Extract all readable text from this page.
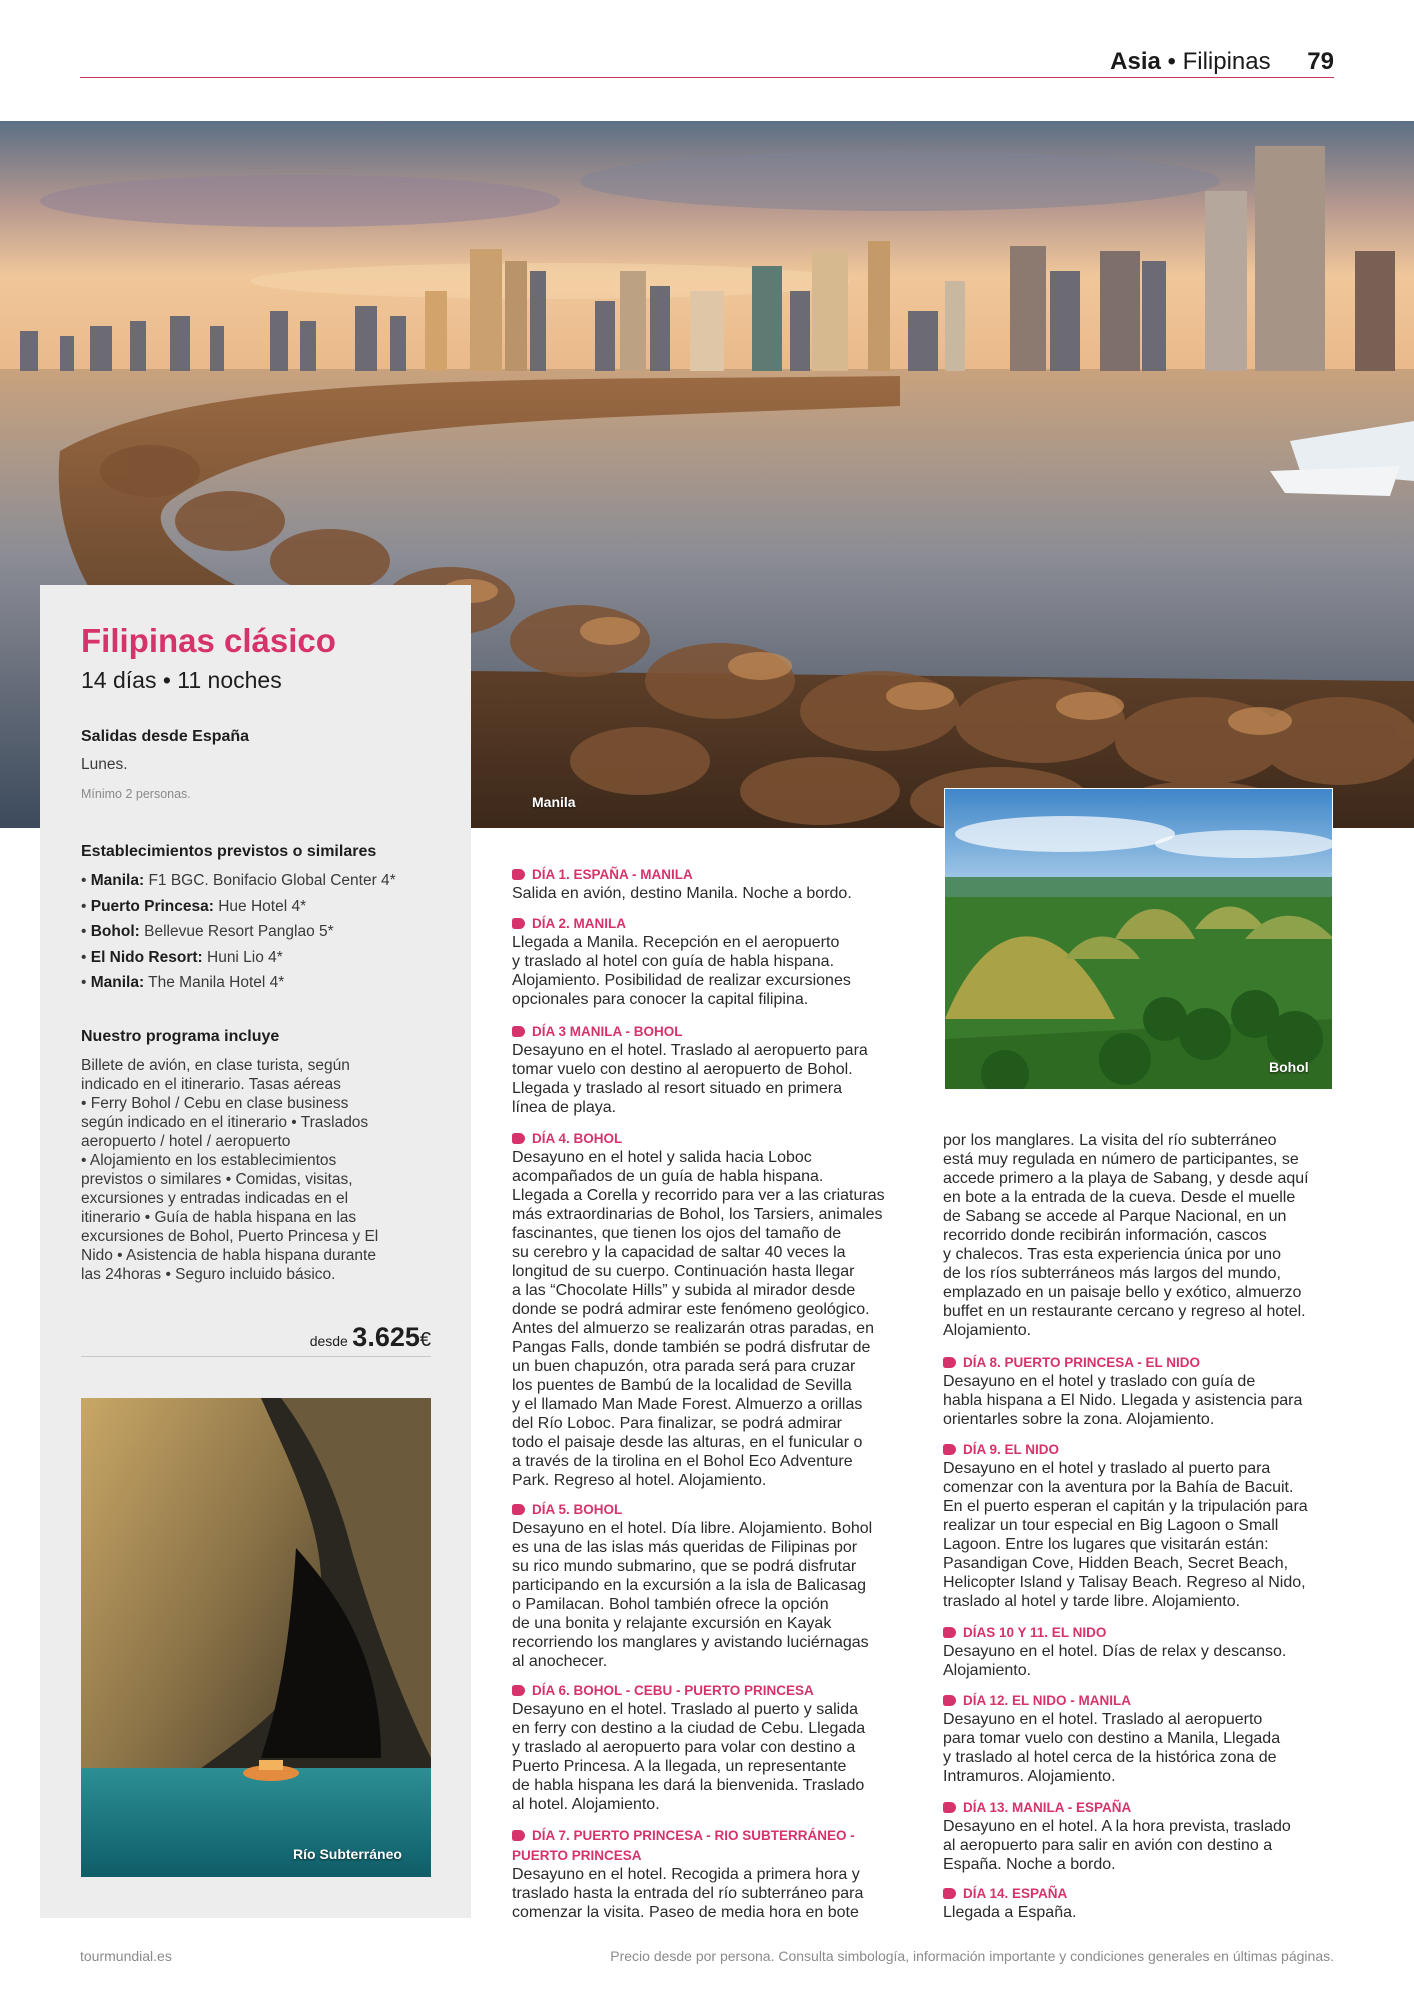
Asia • Filipinas 79
Manila
Filipinas clásico
14 días • 11 noches
Salidas desde España
Lunes.
Mínimo 2 personas.
Establecimientos previstos o similares
• Manila: F1 BGC. Bonifacio Global Center 4*
• Puerto Princesa: Hue Hotel 4*
• Bohol: Bellevue Resort Panglao 5*
• El Nido Resort: Huni Lio 4*
• Manila: The Manila Hotel 4*
Nuestro programa incluye
Billete de avión, en clase turista, según
indicado en el itinerario. Tasas aéreas
• Ferry Bohol / Cebu en clase business
según indicado en el itinerario • Traslados
aeropuerto / hotel / aeropuerto
• Alojamiento en los establecimientos
previstos o similares • Comidas, visitas,
excursiones y entradas indicadas en el
itinerario • Guía de habla hispana en las
excursiones de Bohol, Puerto Princesa y El
Nido • Asistencia de habla hispana durante
las 24horas • Seguro incluido básico.
desde 3.625€
Río Subterráneo
Bohol
DÍA 1. ESPAÑA - MANILA
Salida en avión, destino Manila. Noche a bordo.
DÍA 2. MANILA
Llegada a Manila. Recepción en el aeropuerto
y traslado al hotel con guía de habla hispana.
Alojamiento. Posibilidad de realizar excursiones
opcionales para conocer la capital filipina.
DÍA 3 MANILA - BOHOL
Desayuno en el hotel. Traslado al aeropuerto para
tomar vuelo con destino al aeropuerto de Bohol.
Llegada y traslado al resort situado en primera
línea de playa.
DÍA 4. BOHOL
Desayuno en el hotel y salida hacia Loboc
acompañados de un guía de habla hispana.
Llegada a Corella y recorrido para ver a las criaturas
más extraordinarias de Bohol, los Tarsiers, animales
fascinantes, que tienen los ojos del tamaño de
su cerebro y la capacidad de saltar 40 veces la
longitud de su cuerpo. Continuación hasta llegar
a las “Chocolate Hills” y subida al mirador desde
donde se podrá admirar este fenómeno geológico.
Antes del almuerzo se realizarán otras paradas, en
Pangas Falls, donde también se podrá disfrutar de
un buen chapuzón, otra parada será para cruzar
los puentes de Bambú de la localidad de Sevilla
y el llamado Man Made Forest. Almuerzo a orillas
del Río Loboc. Para finalizar, se podrá admirar
todo el paisaje desde las alturas, en el funicular o
a través de la tirolina en el Bohol Eco Adventure
Park. Regreso al hotel. Alojamiento.
DÍA 5. BOHOL
Desayuno en el hotel. Día libre. Alojamiento. Bohol
es una de las islas más queridas de Filipinas por
su rico mundo submarino, que se podrá disfrutar
participando en la excursión a la isla de Balicasag
o Pamilacan. Bohol también ofrece la opción
de una bonita y relajante excursión en Kayak
recorriendo los manglares y avistando luciérnagas
al anochecer.
DÍA 6. BOHOL - CEBU - PUERTO PRINCESA
Desayuno en el hotel. Traslado al puerto y salida
en ferry con destino a la ciudad de Cebu. Llegada
y traslado al aeropuerto para volar con destino a
Puerto Princesa. A la llegada, un representante
de habla hispana les dará la bienvenida. Traslado
al hotel. Alojamiento.
DÍA 7. PUERTO PRINCESA - RIO SUBTERRÁNEO -
PUERTO PRINCESA
Desayuno en el hotel. Recogida a primera hora y
traslado hasta la entrada del río subterráneo para
comenzar la visita. Paseo de media hora en bote
por los manglares. La visita del río subterráneo
está muy regulada en número de participantes, se
accede primero a la playa de Sabang, y desde aquí
en bote a la entrada de la cueva. Desde el muelle
de Sabang se accede al Parque Nacional, en un
recorrido donde recibirán información, cascos
y chalecos. Tras esta experiencia única por uno
de los ríos subterráneos más largos del mundo,
emplazado en un paisaje bello y exótico, almuerzo
buffet en un restaurante cercano y regreso al hotel.
Alojamiento.
DÍA 8. PUERTO PRINCESA - EL NIDO
Desayuno en el hotel y traslado con guía de
habla hispana a El Nido. Llegada y asistencia para
orientarles sobre la zona. Alojamiento.
DÍA 9. EL NIDO
Desayuno en el hotel y traslado al puerto para
comenzar con la aventura por la Bahía de Bacuit.
En el puerto esperan el capitán y la tripulación para
realizar un tour especial en Big Lagoon o Small
Lagoon. Entre los lugares que visitarán están:
Pasandigan Cove, Hidden Beach, Secret Beach,
Helicopter Island y Talisay Beach. Regreso al Nido,
traslado al hotel y tarde libre. Alojamiento.
DÍAS 10 Y 11. EL NIDO
Desayuno en el hotel. Días de relax y descanso.
Alojamiento.
DÍA 12. EL NIDO - MANILA
Desayuno en el hotel. Traslado al aeropuerto
para tomar vuelo con destino a Manila, Llegada
y traslado al hotel cerca de la histórica zona de
Intramuros. Alojamiento.
DÍA 13. MANILA - ESPAÑA
Desayuno en el hotel. A la hora prevista, traslado
al aeropuerto para salir en avión con destino a
España. Noche a bordo.
DÍA 14. ESPAÑA
Llegada a España.
tourmundial.es	Precio desde por persona. Consulta simbología, información importante y condiciones generales en últimas páginas.
